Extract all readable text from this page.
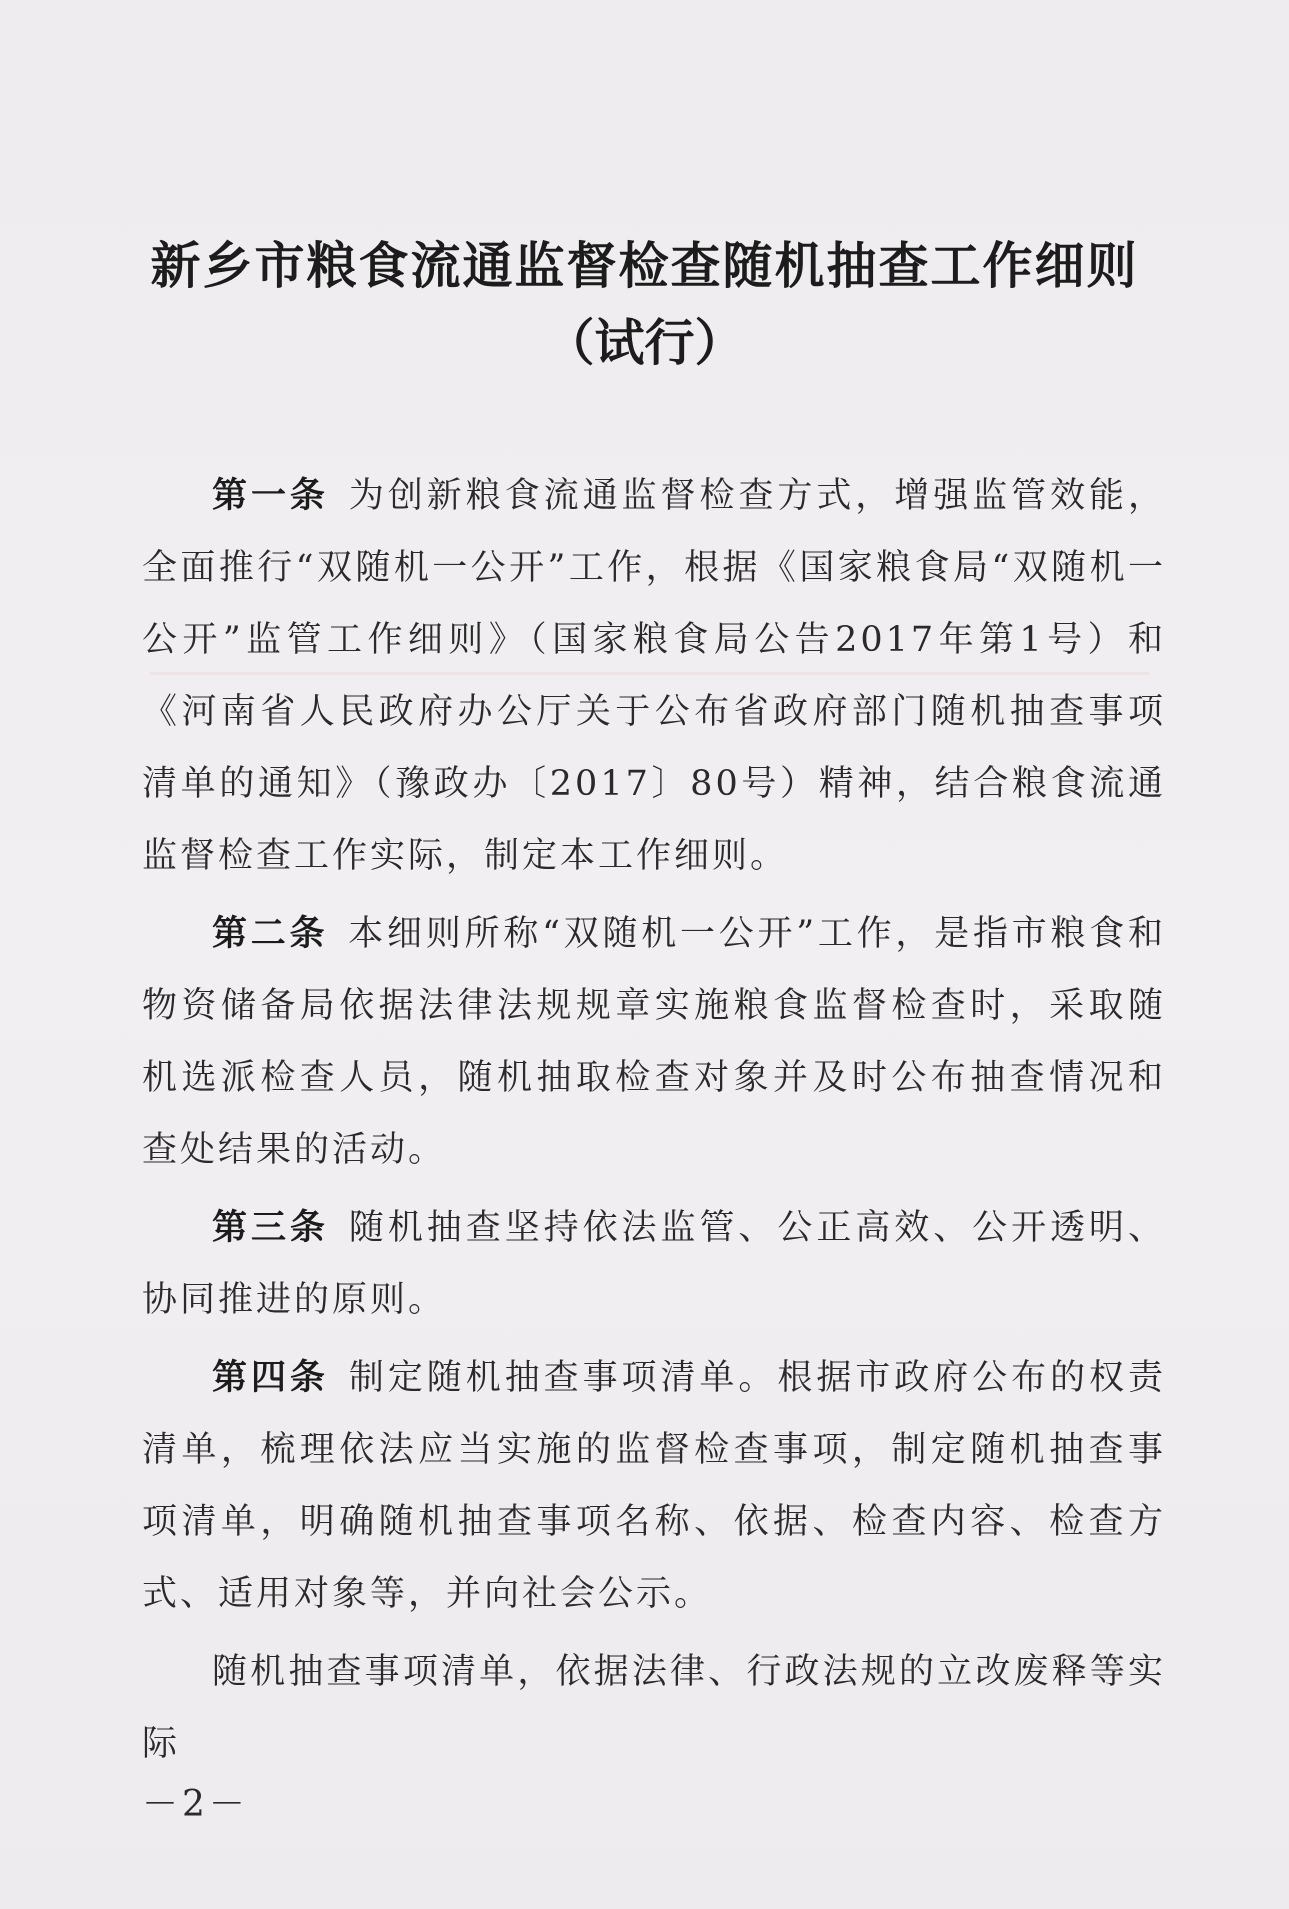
新乡市粮食流通监督检查随机抽查工作细则
（试行）

第一条 为创新粮食流通监督检查方式，增强监管效能，全面推行“双随机一公开”工作，根据《国家粮食局“双随机一公开”监管工作细则》（国家粮食局公告2017年第1号）和《河南省人民政府办公厅关于公布省政府部门随机抽查事项清单的通知》（豫政办〔2017〕80号）精神，结合粮食流通监督检查工作实际，制定本工作细则。

第二条 本细则所称“双随机一公开”工作，是指市粮食和物资储备局依据法律法规规章实施粮食监督检查时，采取随机选派检查人员，随机抽取检查对象并及时公布抽查情况和查处结果的活动。

第三条 随机抽查坚持依法监管、公正高效、公开透明、协同推进的原则。

第四条 制定随机抽查事项清单。根据市政府公布的权责清单，梳理依法应当实施的监督检查事项，制定随机抽查事项清单，明确随机抽查事项名称、依据、检查内容、检查方式、适用对象等，并向社会公示。

随机抽查事项清单，依据法律、行政法规的立改废释等实际

－2－
